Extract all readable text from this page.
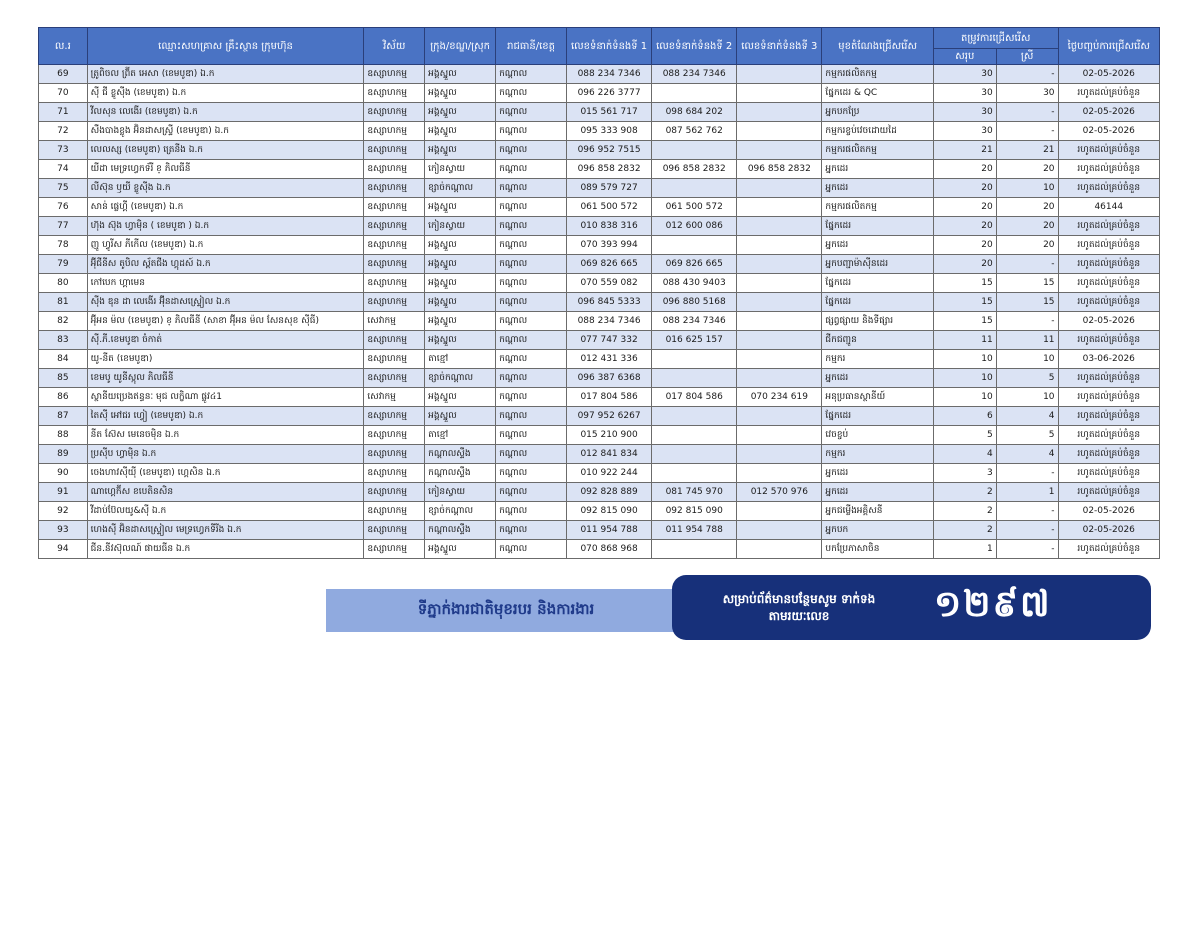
ល.រ	ឈ្មោះសហគ្រាស គ្រឹះស្ថាន ក្រុមហ៊ុន	វិស័យ	ក្រុង/ខណ្ឌ/ស្រុក	រាជធានី/ខេត្ត	លេខទំនាក់ទំនងទី 1	លេខទំនាក់ទំនងទី 2	លេខទំនាក់ទំនងទី 3	មុខតំណែងជ្រើសរើស	តម្រូវការជ្រើសរើស		ថ្ងៃបញ្ចប់ការជ្រើសរើស
									សរុប	ស្រី	
69	ត្រូពិចល ព្រ៊ីត អេសា (ខេមបូឌា) ឯ.ក	ឧស្សាហកម្ម	អង្គស្នួល	កណ្តាល	088 234 7346	088 234 7346		កម្មករផលិតកម្ម	30	-	02-05-2026
70	ស៊ី ជី ខ្លូស៊ីង (ខេមបូឌា) ឯ.ក	ឧស្សាហកម្ម	អង្គស្នួល	កណ្តាល	096 226 3777			ផ្នែកដេរ & QC	30	30	រហូតដល់គ្រប់ចំនួន
71	វីលសុន លេងើរ (ខេមបូឌា) ឯ.ក	ឧស្សាហកម្ម	អង្គស្នួល	កណ្តាល	015 561 717	098 684 202		អ្នកបកប្រែ	30	-	02-05-2026
72	សឺងបាងខ្លូង អ៊ិនដាសស្ទ្រី (ខេមបូឌា) ឯ.ក	ឧស្សាហកម្ម	អង្គស្នួល	កណ្តាល	095 333 908	087 562 762		កម្មករខ្ចប់វេចដោយដៃ	30	-	02-05-2026
73	លេលស្ស (ខេមបូឌា) ត្រេនីង ឯ.ក	ឧស្សាហកម្ម	អង្គស្នួល	កណ្តាល	096 952 7515			កម្មករផលិតកម្ម	21	21	រហូតដល់គ្រប់ចំនួន
74	យីដា មេទ្រហ្វេកទ័រី ខ្ ភិលធីនី	ឧស្សាហកម្ម	កៀនស្វាយ	កណ្តាល	096 858 2832	096 858 2832	096 858 2832	អ្នកដេរ	20	20	រហូតដល់គ្រប់ចំនួន
75	លីស៊ុន ឫយី ខ្លូស៊ីង ឯ.ក	ឧស្សាហកម្ម	ខ្សាច់កណ្តាល	កណ្តាល	089 579 727			អ្នកដេរ	20	10	រហូតដល់គ្រប់ចំនួន
76	សាន់ ផ្លេហ្គី (ខេមបូឌា) ឯ.ក	ឧស្សាហកម្ម	អង្គស្នួល	កណ្តាល	061 500 572	061 500 572		កម្មករផលិតកម្ម	20	20	46144
77	ហ៊ុង ស៊ុង ហ្វាម៉ិន ( ខេមបូឌា ) ឯ.ក	ឧស្សាហកម្ម	កៀនស្វាយ	កណ្តាល	010 838 316	012 600 086		ផ្នែកដេរ	20	20	រហូតដល់គ្រប់ចំនួន
78	ញូ ហ្វូរីស ភីកើល (ខេមបូឌា) ឯ.ក	ឧស្សាហកម្ម	អង្គស្នួល	កណ្តាល	070 393 994			អ្នកដេរ	20	20	រហូតដល់គ្រប់ចំនួន
79	អ៊ុីជីនីស តូបិល ស្ព័តជីង ហ្គុដស៍ ឯ.ក	ឧស្សាហកម្ម	អង្គស្នួល	កណ្តាល	069 826 665	069 826 665		អ្នកបញ្ជាម៉ាស៊ីនដេរ	20	-	រហូតដល់គ្រប់ចំនួន
80	កៅបេក ហ្គាមេន	ឧស្សាហកម្ម	អង្គស្នួល	កណ្តាល	070 559 082	088 430 9403		ផ្នែកដេរ	15	15	រហូតដល់គ្រប់ចំនួន
81	ស៊ីង ឌុន ដា លេងើរ អ៊ុីនដាសស្ទ្រៀល ឯ.ក	ឧស្សាហកម្ម	អង្គស្នួល	កណ្តាល	096 845 5333	096 880 5168		ផ្នែកដេរ	15	15	រហូតដល់គ្រប់ចំនួន
82	អ៊ុីអន ម៉ល (ខេមបូឌា) ខ្ ភិលធីនី (សាខា អ៊ុីអន ម៉ល សែនសុខ ស៊ីធី)	សេវាកម្ម	អង្គស្នួល	កណ្តាល	088 234 7346	088 234 7346		ផ្សព្វផ្សាយ និងទីផ្សារ	15	-	02-05-2026
83	ស៊ី.ភី.ខេមបូឌា ចំកាត់	ឧស្សាហកម្ម	អង្គស្នួល	កណ្តាល	077 747 332	016 625 157		ជីកជញ្ជូន	11	11	រហូតដល់គ្រប់ចំនួន
84	យូ-នីត (ខេមបូឌា)	ឧស្សាហកម្ម	តាខ្មៅ	កណ្តាល	012 431 336			កម្មករ	10	10	03-06-2026
85	ខេមបូ យូនីស្កុល ភិលធីនី	ឧស្សាហកម្ម	ខ្សាច់កណ្តាល	កណ្តាល	096 387 6368			អ្នកដេរ	10	5	រហូតដល់គ្រប់ចំនួន
86	ស្ថានីយប្រេងឥន្ធនៈ មុជ លក្ខិណា ផ្លូវ៤1	សេវាកម្ម	អង្គស្នួល	កណ្តាល	017 804 586	017 804 586	070 234 619	អនុប្រធានស្ថានីយ៍	10	10	រហូតដល់គ្រប់ចំនួន
87	តៃស៊ី អៅជរ ហ្វៀ (ខេមបូឌា) ឯ.ក	ឧស្សាហកម្ម	អង្គស្នួល	កណ្តាល	097 952 6267			ផ្នែកដេរ	6	4	រហូតដល់គ្រប់ចំនួន
88	នីត ស៊ែស មេនេចម៉ិន ឯ.ក	ឧស្សាហកម្ម	តាខ្មៅ	កណ្តាល	015 210 900			វេចខ្ចប់	5	5	រហូតដល់គ្រប់ចំនួន
89	ប្រស៊ីប ហ្វាម៉ិន ឯ.ក	ឧស្សាហកម្ម	កណ្តាលស្ទឹង	កណ្តាល	012 841 834			កម្មករ	4	4	រហូតដល់គ្រប់ចំនួន
90	ចេងហាវស៊ីយ៉ី (ខេមបូឌា) ហ្គេសិន ឯ.ក	ឧស្សាហកម្ម	កណ្តាលស្ទឹង	កណ្តាល	010 922 244			អ្នកដេរ	3	-	រហូតដល់គ្រប់ចំនួន
91	ណាហ្គេក៊ីស ខបេតិនសិន	ឧស្សាហកម្ម	កៀនស្វាយ	កណ្តាល	092 828 889	081 745 970	012 570 976	អ្នកដេរ	2	1	រហូតដល់គ្រប់ចំនួន
92	វីដាប់ប៊ែលយូ&ស៊ី ឯ.ក	ឧស្សាហកម្ម	ខ្សាច់កណ្តាល	កណ្តាល	092 815 090	092 815 090		អ្នកជម្លើងអគ្គិសនី	2	-	02-05-2026
93	ហេងស៊ី អ៊ិនដាសស្ទ្រៀល មេទ្រហ្វេកទីរីង ឯ.ក	ឧស្សាហកម្ម	កណ្តាលស្ទឹង	កណ្តាល	011 954 788	011 954 788		អ្នកបក	2	-	02-05-2026
94	ជីន.នីវស៊ុលណ៍ ផាយធីន ឯ.ក	ឧស្សាហកម្ម	អង្គស្នួល	កណ្តាល	070 868 968			បកប្រែភាសាចិន	1	-	រហូតដល់គ្រប់ចំនួន
ទីភ្នាក់ងារជាតិមុខរបរ និងការងារ
សម្រាប់ព័ត៌មានបន្ថែមសូម ទាក់ទងតាមរយៈលេខ	១២៩៧
